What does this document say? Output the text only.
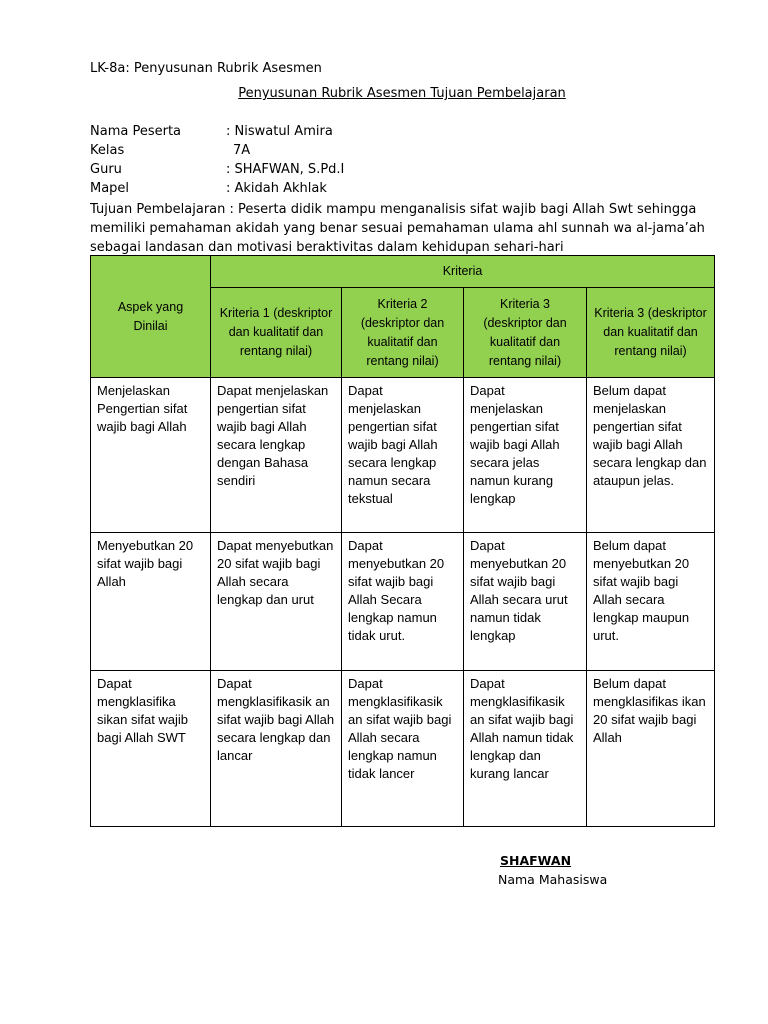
LK-8a: Penyusunan Rubrik Asesmen
Penyusunan Rubrik Asesmen Tujuan Pembelajaran
Nama Peserta	: Niswatul Amira
Kelas	7A
Guru	: SHAFWAN, S.Pd.I
Mapel	: Akidah Akhlak
Tujuan Pembelajaran : Peserta didik mampu menganalisis sifat wajib bagi Allah Swt sehingga memiliki pemahaman akidah yang benar sesuai pemahaman ulama ahl sunnah wa al-jama’ah sebagai landasan dan motivasi beraktivitas dalam kehidupan sehari-hari
Aspek yang Dinilai	Kriteria			
	Kriteria 1 (deskriptor dan kualitatif dan rentang nilai)	Kriteria 2 (deskriptor dan kualitatif dan rentang nilai)	Kriteria 3 (deskriptor dan kualitatif dan rentang nilai)	Kriteria 3 (deskriptor dan kualitatif dan rentang nilai)
Menjelaskan Pengertian sifat wajib bagi Allah	Dapat menjelaskan pengertian sifat wajib bagi Allah secara lengkap dengan Bahasa sendiri	Dapat menjelaskan pengertian sifat wajib bagi Allah secara lengkap namun secara tekstual	Dapat menjelaskan pengertian sifat wajib bagi Allah secara jelas namun kurang lengkap	Belum dapat menjelaskan pengertian sifat wajib bagi Allah secara lengkap dan ataupun jelas.
Menyebutkan 20 sifat wajib bagi Allah	Dapat menyebutkan 20 sifat wajib bagi Allah secara lengkap dan urut	Dapat menyebutkan 20 sifat wajib bagi Allah Secara lengkap namun tidak urut.	Dapat menyebutkan 20 sifat wajib bagi Allah secara urut namun tidak lengkap	Belum dapat menyebutkan 20 sifat wajib bagi Allah secara lengkap maupun urut.
Dapat mengklasifika sikan sifat wajib bagi Allah SWT	Dapat mengklasifikasik an sifat wajib bagi Allah secara lengkap dan lancar	Dapat mengklasifikasik an sifat wajib bagi Allah secara lengkap namun tidak lancer	Dapat mengklasifikasik an sifat wajib bagi Allah namun tidak lengkap dan kurang lancar	Belum dapat mengklasifikas ikan 20 sifat wajib bagi Allah
SHAFWAN
Nama Mahasiswa
